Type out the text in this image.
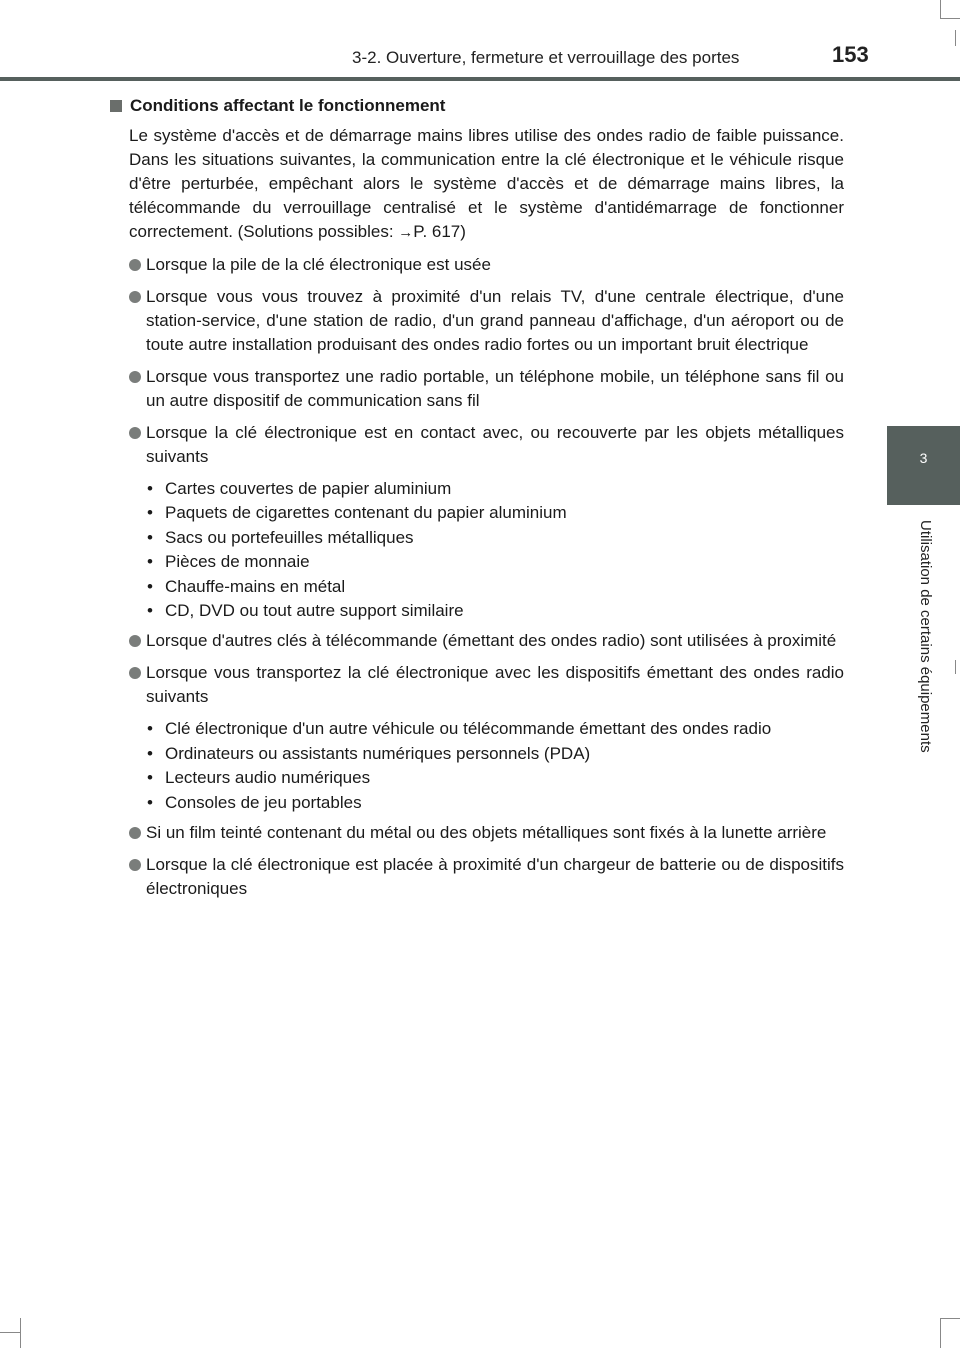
3-2. Ouverture, fermeture et verrouillage des portes	153
3
Utilisation de certains équipements
Conditions affectant le fonctionnement

Le système d'accès et de démarrage mains libres utilise des ondes radio de faible puissance. Dans les situations suivantes, la communication entre la clé électronique et le véhicule risque d'être perturbée, empêchant alors le système d'accès et de démarrage mains libres, la télécommande du verrouillage centralisé et le système d'antidémarrage de fonctionner correctement. (Solutions possibles: →P. 617)

Lorsque la pile de la clé électronique est usée
Lorsque vous vous trouvez à proximité d'un relais TV, d'une centrale électrique, d'une station-service, d'une station de radio, d'un grand panneau d'affichage, d'un aéroport ou de toute autre installation produisant des ondes radio fortes ou un important bruit électrique
Lorsque vous transportez une radio portable, un téléphone mobile, un téléphone sans fil ou un autre dispositif de communication sans fil
Lorsque la clé électronique est en contact avec, ou recouverte par les objets métalliques suivants
• Cartes couvertes de papier aluminium
• Paquets de cigarettes contenant du papier aluminium
• Sacs ou portefeuilles métalliques
• Pièces de monnaie
• Chauffe-mains en métal
• CD, DVD ou tout autre support similaire
Lorsque d'autres clés à télécommande (émettant des ondes radio) sont utilisées à proximité
Lorsque vous transportez la clé électronique avec les dispositifs émettant des ondes radio suivants
• Clé électronique d'un autre véhicule ou télécommande émettant des ondes radio
• Ordinateurs ou assistants numériques personnels (PDA)
• Lecteurs audio numériques
• Consoles de jeu portables
Si un film teinté contenant du métal ou des objets métalliques sont fixés à la lunette arrière
Lorsque la clé électronique est placée à proximité d'un chargeur de batterie ou de dispositifs électroniques
